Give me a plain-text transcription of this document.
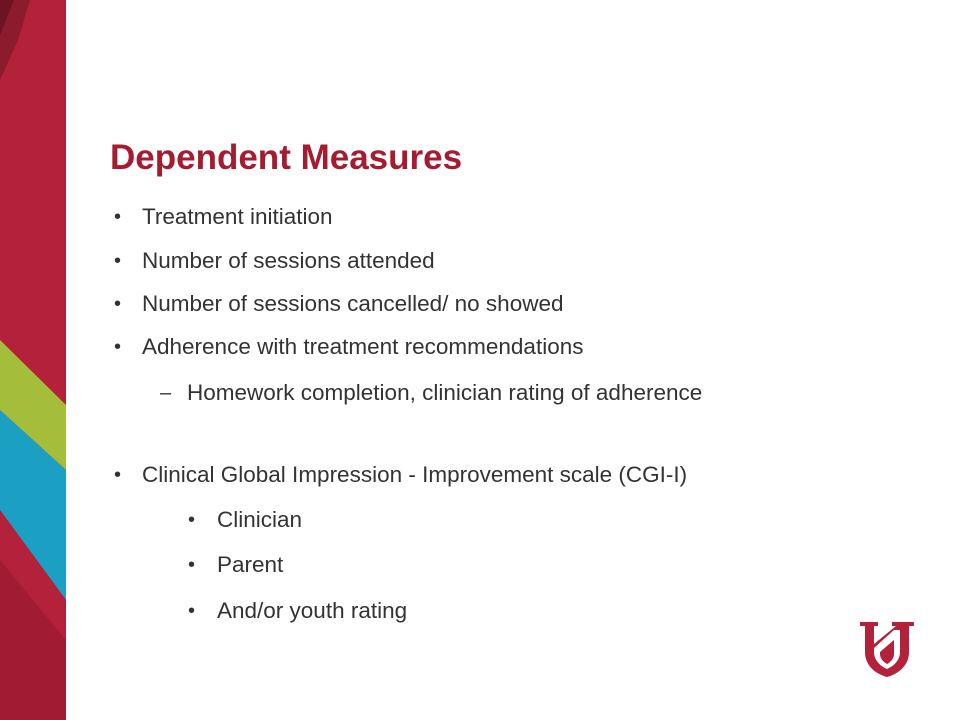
Dependent Measures
• Treatment initiation
• Number of sessions attended
• Number of sessions cancelled/ no showed
• Adherence with treatment recommendations
– Homework completion, clinician rating of adherence
• Clinical Global Impression - Improvement scale (CGI-I)
• Clinician
• Parent
• And/or youth rating
